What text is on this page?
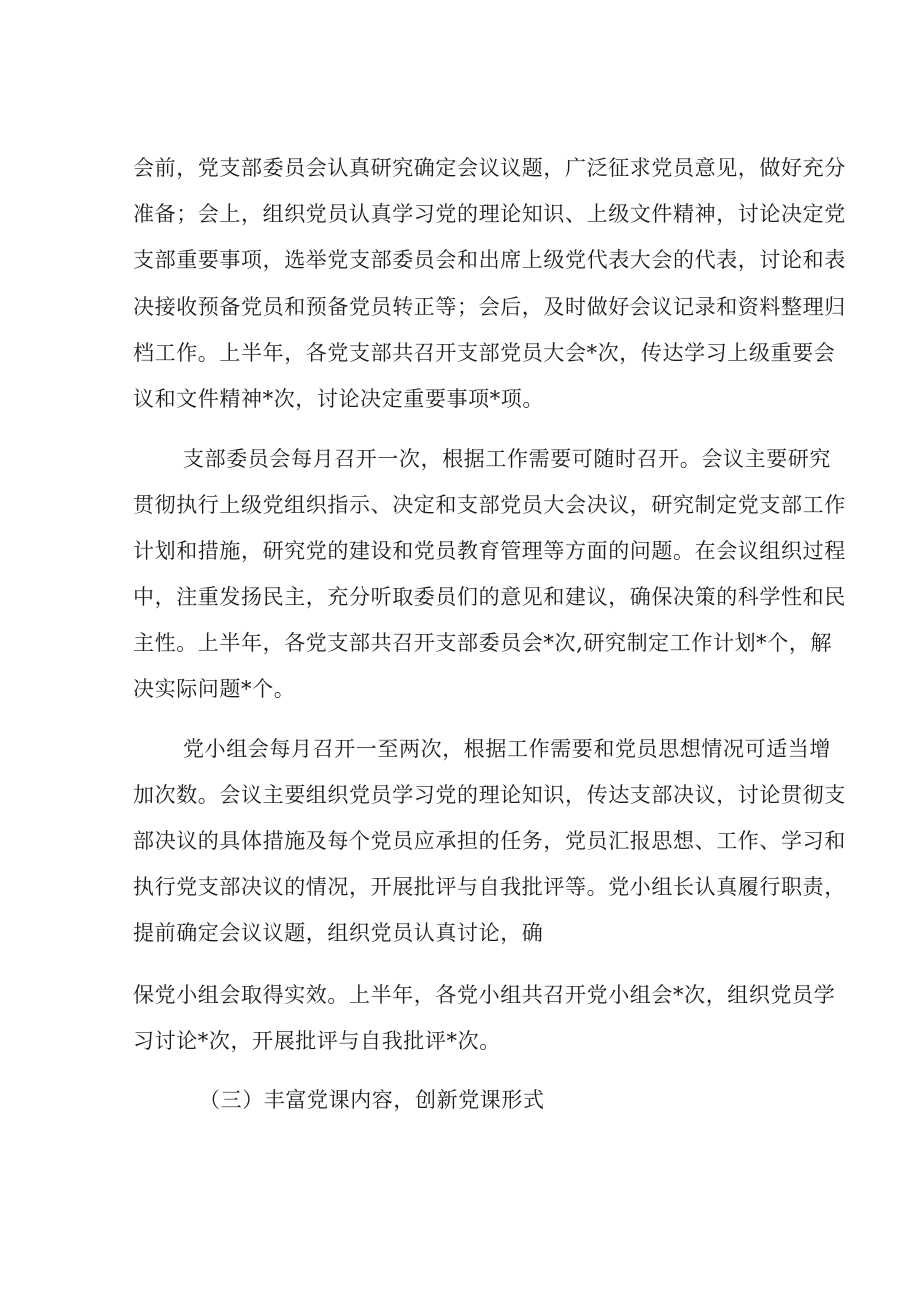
会前，党支部委员会认真研究确定会议议题，广泛征求党员意见，做好充分

准备；会上，组织党员认真学习党的理论知识、上级文件精神，讨论决定党

支部重要事项，选举党支部委员会和出席上级党代表大会的代表，讨论和表

决接收预备党员和预备党员转正等；会后，及时做好会议记录和资料整理归

档工作。上半年，各党支部共召开支部党员大会*次，传达学习上级重要会

议和文件精神*次，讨论决定重要事项*项。

支部委员会每月召开一次，根据工作需要可随时召开。会议主要研究

贯彻执行上级党组织指示、决定和支部党员大会决议，研究制定党支部工作

计划和措施，研究党的建设和党员教育管理等方面的问题。在会议组织过程

中，注重发扬民主，充分听取委员们的意见和建议，确保决策的科学性和民

主性。上半年，各党支部共召开支部委员会*次,研究制定工作计划*个，解

决实际问题*个。

党小组会每月召开一至两次，根据工作需要和党员思想情况可适当增

加次数。会议主要组织党员学习党的理论知识，传达支部决议，讨论贯彻支

部决议的具体措施及每个党员应承担的任务，党员汇报思想、工作、学习和

执行党支部决议的情况，开展批评与自我批评等。党小组长认真履行职责，

提前确定会议议题，组织党员认真讨论，确

保党小组会取得实效。上半年，各党小组共召开党小组会*次，组织党员学

习讨论*次，开展批评与自我批评*次。

（三）丰富党课内容，创新党课形式
